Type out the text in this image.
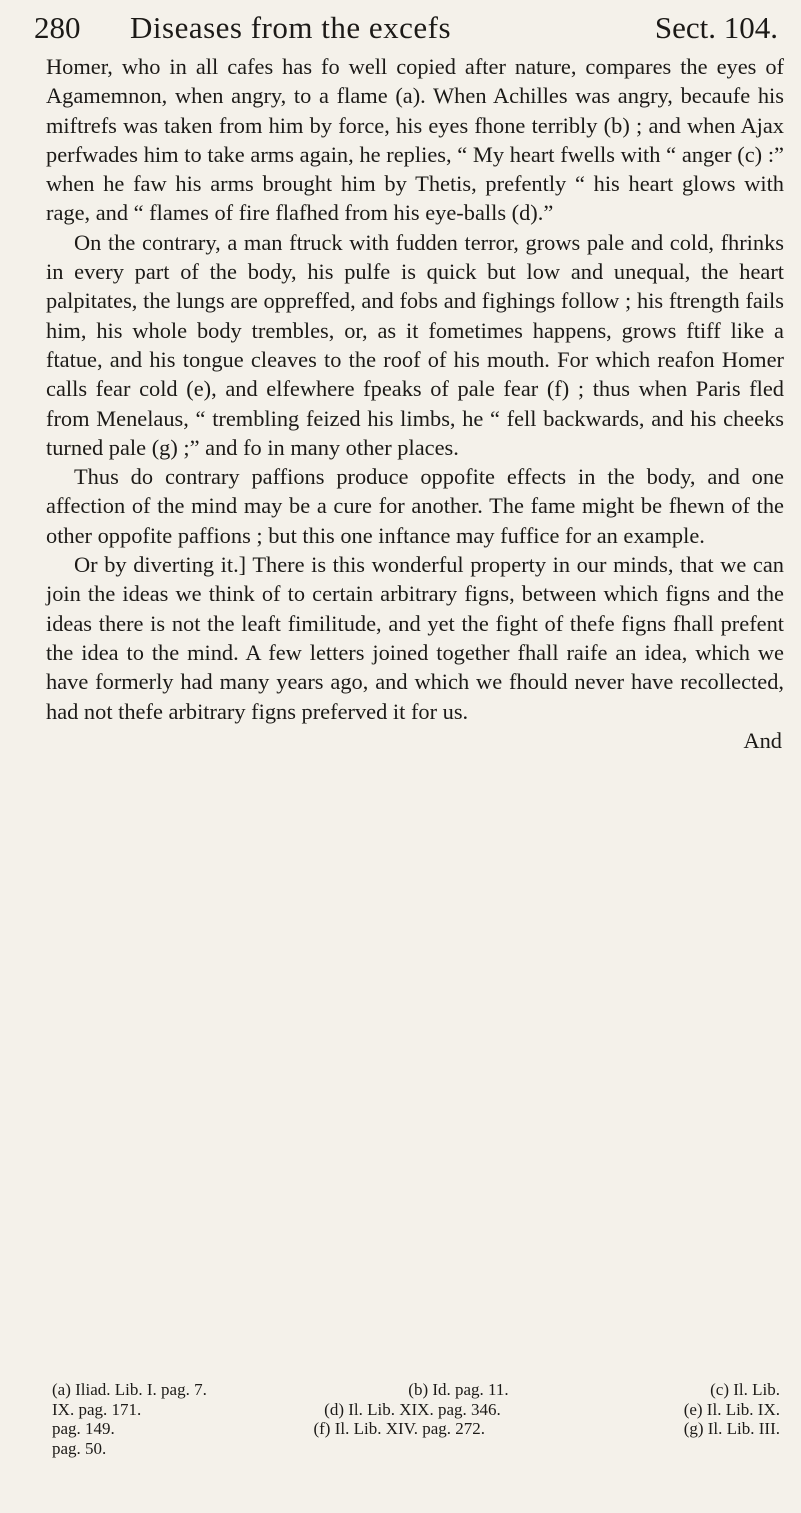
280 Diseases from the excefs	Sect. 104.

Homer, who in all cafes has fo well copied after nature, compares the eyes of Agamemnon, when angry, to a flame (a). When Achilles was angry, becaufe his miftrefs was taken from him by force, his eyes fhone terribly (b) ; and when Ajax perfwades him to take arms again, he replies, “ My heart fwells with “ anger (c) :” when he faw his arms brought him by Thetis, prefently “ his heart glows with rage, and “ flames of fire flafhed from his eye-balls (d).”

On the contrary, a man ftruck with fudden terror, grows pale and cold, fhrinks in every part of the body, his pulfe is quick but low and unequal, the heart palpitates, the lungs are oppreffed, and fobs and fighings follow ; his ftrength fails him, his whole body trembles, or, as it fometimes happens, grows ftiff like a ftatue, and his tongue cleaves to the roof of his mouth. For which reafon Homer calls fear cold (e), and elfewhere fpeaks of pale fear (f) ; thus when Paris fled from Menelaus, “ trembling feized his limbs, he “ fell backwards, and his cheeks turned pale (g) ;” and fo in many other places.

Thus do contrary paffions produce oppofite effects in the body, and one affection of the mind may be a cure for another. The fame might be fhewn of the other oppofite paffions ; but this one inftance may fuffice for an example.

Or by diverting it.] There is this wonderful property in our minds, that we can join the ideas we think of to certain arbitrary figns, between which figns and the ideas there is not the leaft fimilitude, and yet the fight of thefe figns fhall prefent the idea to the mind. A few letters joined together fhall raife an idea, which we have formerly had many years ago, and which we fhould never have recollected, had not thefe arbitrary figns preferved it for us.

And
(a) Iliad. Lib. I. pag. 7.	(b) Id. pag. 11.	(c) Il. Lib.
IX. pag. 171.	(d) Il. Lib. XIX. pag. 346.	(e) Il. Lib. IX.
pag. 149.	(f) Il. Lib. XIV. pag. 272.	(g) Il. Lib. III.
pag. 50.
